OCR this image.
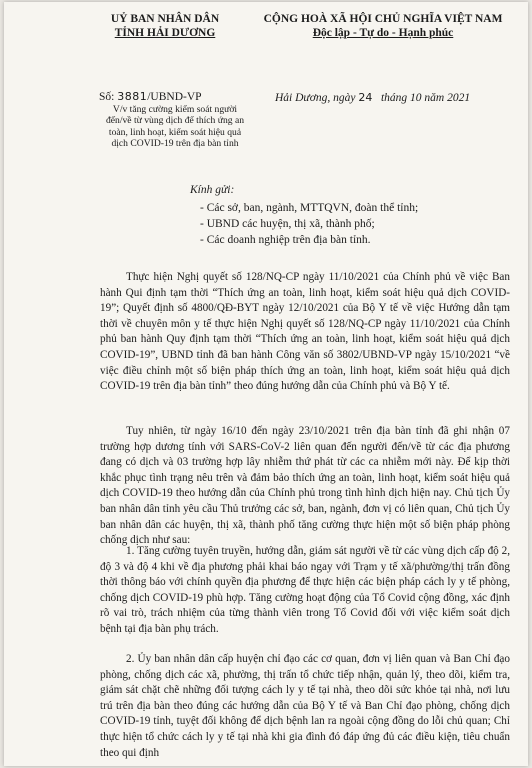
UỶ BAN NHÂN DÂN
TỈNH HẢI DƯƠNG
CỘNG HOÀ XÃ HỘI CHỦ NGHĨA VIỆT NAM
Độc lập - Tự do - Hạnh phúc
Số: 3881/UBND-VP
V/v tăng cường kiểm soát người đến/về từ vùng dịch để thích ứng an toàn, linh hoạt, kiểm soát hiệu quả dịch COVID-19 trên địa bàn tỉnh
Hải Dương, ngày 24 tháng 10 năm 2021
Kính gửi:
- Các sở, ban, ngành, MTTQVN, đoàn thể tỉnh;
- UBND các huyện, thị xã, thành phố;
- Các doanh nghiệp trên địa bàn tỉnh.
Thực hiện Nghị quyết số 128/NQ-CP ngày 11/10/2021 của Chính phủ về việc Ban hành Qui định tạm thời “Thích ứng an toàn, linh hoạt, kiểm soát hiệu quả dịch COVID-19”; Quyết định số 4800/QĐ-BYT ngày 12/10/2021 của Bộ Y tế về việc Hướng dẫn tạm thời về chuyên môn y tế thực hiện Nghị quyết số 128/NQ-CP ngày 11/10/2021 của Chính phủ ban hành Quy định tạm thời “Thích ứng an toàn, linh hoạt, kiểm soát hiệu quả dịch COVID-19”, UBND tỉnh đã ban hành Công văn số 3802/UBND-VP ngày 15/10/2021 “về việc điều chỉnh một số biện pháp thích ứng an toàn, linh hoạt, kiểm soát hiệu quả dịch COVID-19 trên địa bàn tỉnh” theo đúng hướng dẫn của Chính phủ và Bộ Y tế.
Tuy nhiên, từ ngày 16/10 đến ngày 23/10/2021 trên địa bàn tỉnh đã ghi nhận 07 trường hợp dương tính với SARS-CoV-2 liên quan đến người đến/về từ các địa phương đang có dịch và 03 trường hợp lây nhiễm thứ phát từ các ca nhiễm mới này. Để kịp thời khắc phục tình trạng nêu trên và đảm bảo thích ứng an toàn, linh hoạt, kiểm soát hiệu quả dịch COVID-19 theo hướng dẫn của Chính phủ trong tình hình dịch hiện nay. Chủ tịch Ủy ban nhân dân tỉnh yêu cầu Thủ trưởng các sở, ban, ngành, đơn vị có liên quan, Chủ tịch Ủy ban nhân dân các huyện, thị xã, thành phố tăng cường thực hiện một số biện pháp phòng chống dịch như sau:
1. Tăng cường tuyên truyền, hướng dẫn, giám sát người về từ các vùng dịch cấp độ 2, độ 3 và độ 4 khi về địa phương phải khai báo ngay với Trạm y tế xã/phường/thị trấn đồng thời thông báo với chính quyền địa phương để thực hiện các biện pháp cách ly y tế phòng, chống dịch COVID-19 phù hợp. Tăng cường hoạt động của Tổ Covid cộng đồng, xác định rõ vai trò, trách nhiệm của từng thành viên trong Tổ Covid đối với việc kiểm soát dịch bệnh tại địa bàn phụ trách.
2. Ủy ban nhân dân cấp huyện chỉ đạo các cơ quan, đơn vị liên quan và Ban Chỉ đạo phòng, chống dịch các xã, phường, thị trấn tổ chức tiếp nhận, quản lý, theo dõi, kiểm tra, giám sát chặt chẽ những đối tượng cách ly y tế tại nhà, theo dõi sức khỏe tại nhà, nơi lưu trú trên địa bàn theo đúng các hướng dẫn của Bộ Y tế và Ban Chỉ đạo phòng, chống dịch COVID-19 tỉnh, tuyệt đối không để dịch bệnh lan ra ngoài cộng đồng do lỗi chủ quan; Chỉ thực hiện tổ chức cách ly y tế tại nhà khi gia đình đó đáp ứng đủ các điều kiện, tiêu chuẩn theo qui định
